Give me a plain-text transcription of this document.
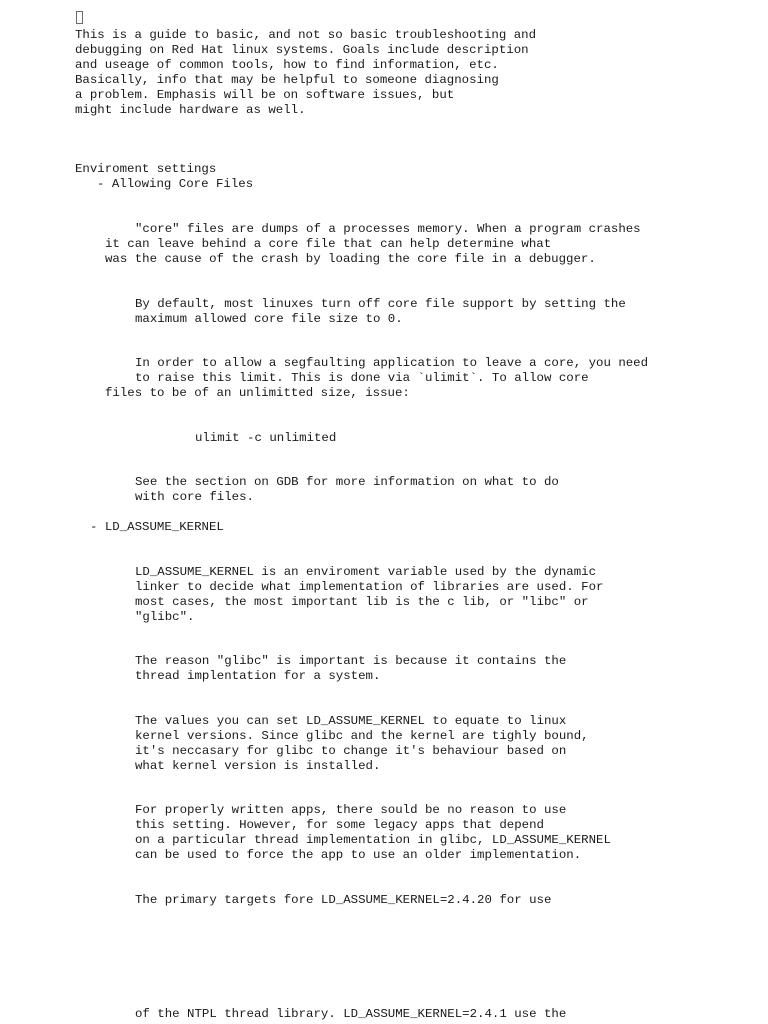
This is a guide to basic, and not so basic troubleshooting and

debugging on Red Hat linux systems. Goals include description

and useage of common tools, how to find information, etc.

Basically, info that may be helpful to someone diagnosing

a problem. Emphasis will be on software issues, but

might include hardware as well.

Enviroment settings

- Allowing Core Files

"core" files are dumps of a processes memory. When a program crashes

it can leave behind a core file that can help determine what

was the cause of the crash by loading the core file in a debugger.

By default, most linuxes turn off core file support by setting the

maximum allowed core file size to 0.

In order to allow a segfaulting application to leave a core, you need

to raise this limit. This is done via `ulimit`. To allow core

files to be of an unlimitted size, issue:

ulimit -c unlimited

See the section on GDB for more information on what to do

with core files.

- LD_ASSUME_KERNEL

LD_ASSUME_KERNEL is an enviroment variable used by the dynamic

linker to decide what implementation of libraries are used. For

most cases, the most important lib is the c lib, or "libc" or

"glibc".

The reason "glibc" is important is because it contains the

thread implentation for a system.

The values you can set LD_ASSUME_KERNEL to equate to linux

kernel versions. Since glibc and the kernel are tighly bound,

it's neccasary for glibc to change it's behaviour based on

what kernel version is installed.

For properly written apps, there sould be no reason to use

this setting. However, for some legacy apps that depend

on a particular thread implementation in glibc, LD_ASSUME_KERNEL

can be used to force the app to use an older implementation.

The primary targets fore LD_ASSUME_KERNEL=2.4.20 for use

of the NTPL thread library. LD_ASSUME_KERNEL=2.4.1 use the
